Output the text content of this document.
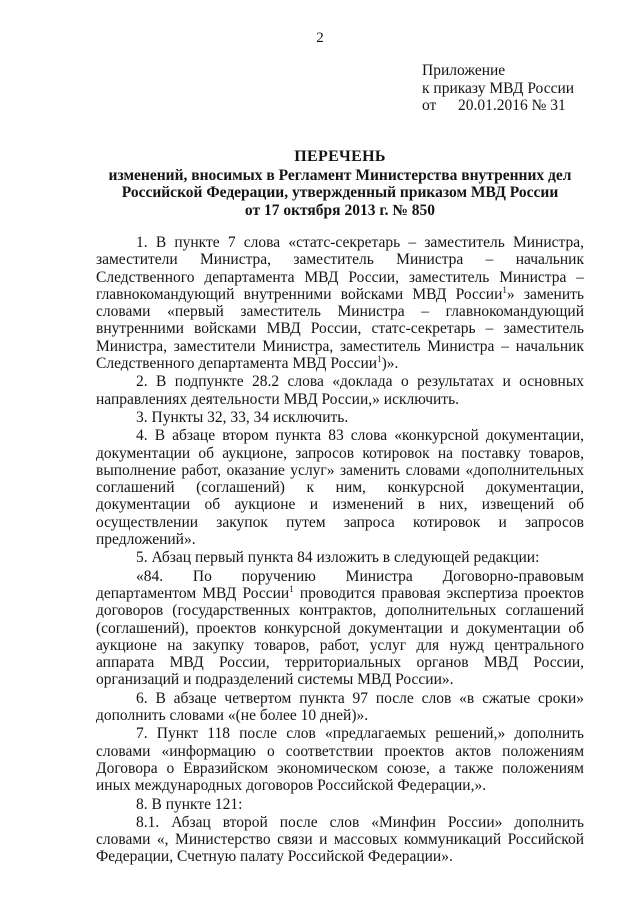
2
Приложение
к приказу МВД России
от 20.01.2016 № 31
ПЕРЕЧЕНЬ
изменений, вносимых в Регламент Министерства внутренних дел
Российской Федерации, утвержденный приказом МВД России
от 17 октября 2013 г. № 850

1. В пункте 7 слова «статс-секретарь – заместитель Министра, заместители Министра, заместитель Министра – начальник Следственного департамента МВД России, заместитель Министра – главнокомандующий внутренними войсками МВД России$^1$» заменить словами «первый заместитель Министра – главнокомандующий внутренними войсками МВД России, статс-секретарь – заместитель Министра, заместители Министра, заместитель Министра – начальник Следственного департамента МВД России$^1$)».

2. В подпункте 28.2 слова «доклада о результатах и основных направлениях деятельности МВД России,» исключить.

3. Пункты 32, 33, 34 исключить.

4. В абзаце втором пункта 83 слова «конкурсной документации, документации об аукционе, запросов котировок на поставку товаров, выполнение работ, оказание услуг» заменить словами «дополнительных соглашений (соглашений) к ним, конкурсной документации, документации об аукционе и изменений в них, извещений об осуществлении закупок путем запроса котировок и запросов предложений».

5. Абзац первый пункта 84 изложить в следующей редакции:

«84. По поручению Министра Договорно-правовым департаментом МВД России$^1$ проводится правовая экспертиза проектов договоров (государственных контрактов, дополнительных соглашений (соглашений), проектов конкурсной документации и документации об аукционе на закупку товаров, работ, услуг для нужд центрального аппарата МВД России, территориальных органов МВД России, организаций и подразделений системы МВД России».

6. В абзаце четвертом пункта 97 после слов «в сжатые сроки» дополнить словами «(не более 10 дней)».

7. Пункт 118 после слов «предлагаемых решений,» дополнить словами «информацию о соответствии проектов актов положениям Договора о Евразийском экономическом союзе, а также положениям иных международных договоров Российской Федерации,».

8. В пункте 121:

8.1. Абзац второй после слов «Минфин России» дополнить словами «, Министерство связи и массовых коммуникаций Российской Федерации, Счетную палату Российской Федерации».
